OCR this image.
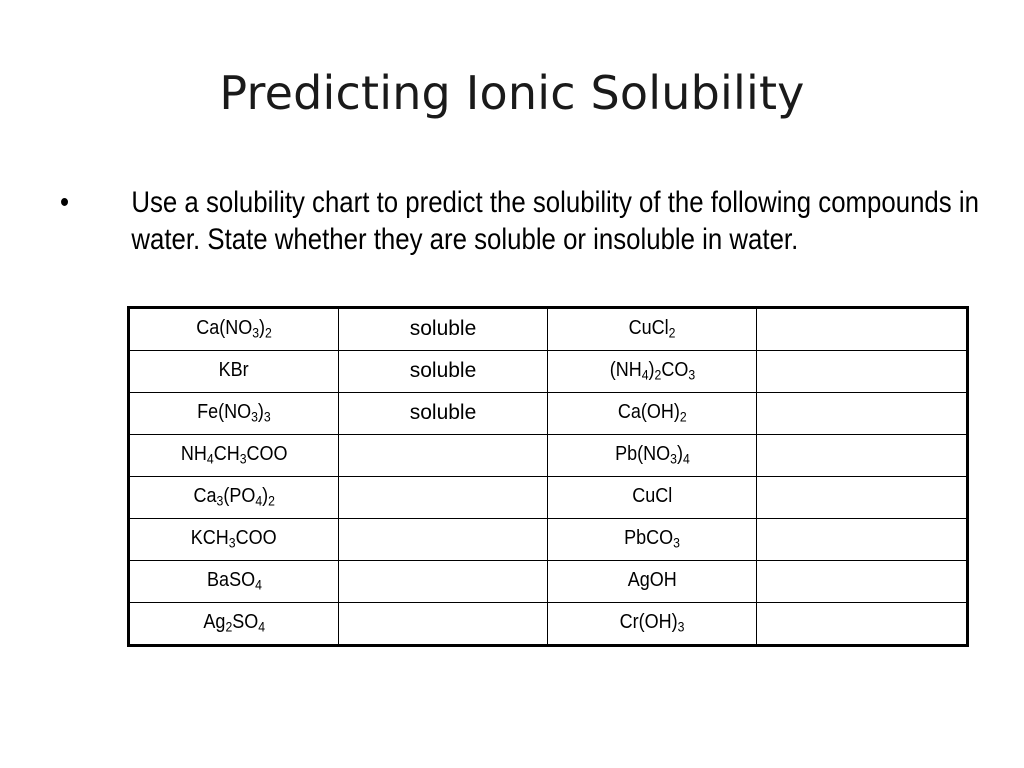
Predicting Ionic Solubility
• Use a solubility chart to predict the solubility of the following compounds in water. State whether they are soluble or insoluble in water.
$Ca(NO_3)_2$	soluble	CuCl$_2$	
KBr	soluble	$(NH_4)_2CO_3$	
$Fe(NO_3)_3$	soluble	$Ca(OH)_2$	
$NH_4CH_3COO$		$Pb(NO_3)_4$	
$Ca_3(PO_4)_2$		CuCl	
$KCH_3COO$		PbCO$_3$	
BaSO$_4$		AgOH	
$Ag_2SO_4$		$Cr(OH)_3$	
